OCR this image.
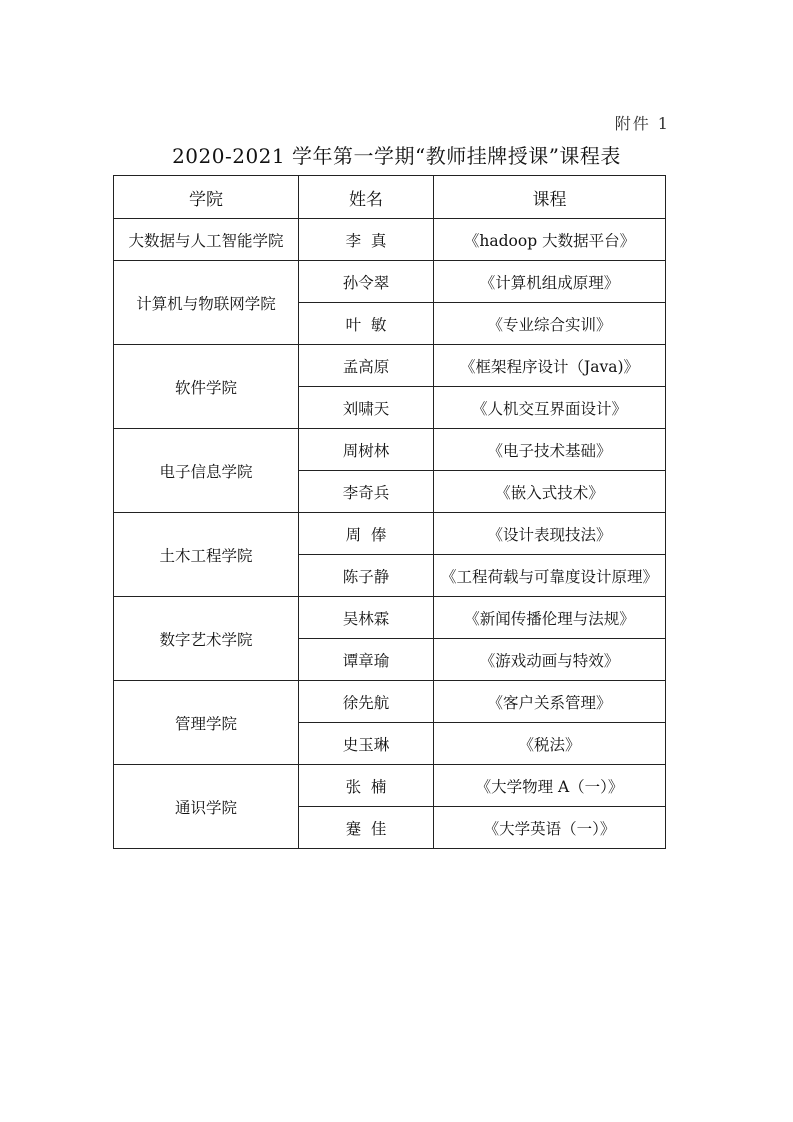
附件 1
2020-2021 学年第一学期“教师挂牌授课”课程表
学院	姓名	课程
大数据与人工智能学院	李  真	《hadoop 大数据平台》
计算机与物联网学院	孙令翠	《计算机组成原理》
	叶  敏	《专业综合实训》
软件学院	孟高原	《框架程序设计（Java)》
	刘啸天	《人机交互界面设计》
电子信息学院	周树林	《电子技术基础》
	李奇兵	《嵌入式技术》
土木工程学院	周  俸	《设计表现技法》
	陈子静	《工程荷载与可靠度设计原理》
数字艺术学院	吴林霖	《新闻传播伦理与法规》
	谭章瑜	《游戏动画与特效》
管理学院	徐先航	《客户关系管理》
	史玉琳	《税法》
通识学院	张  楠	《大学物理 A（一）》
	蹇  佳	《大学英语（一）》
